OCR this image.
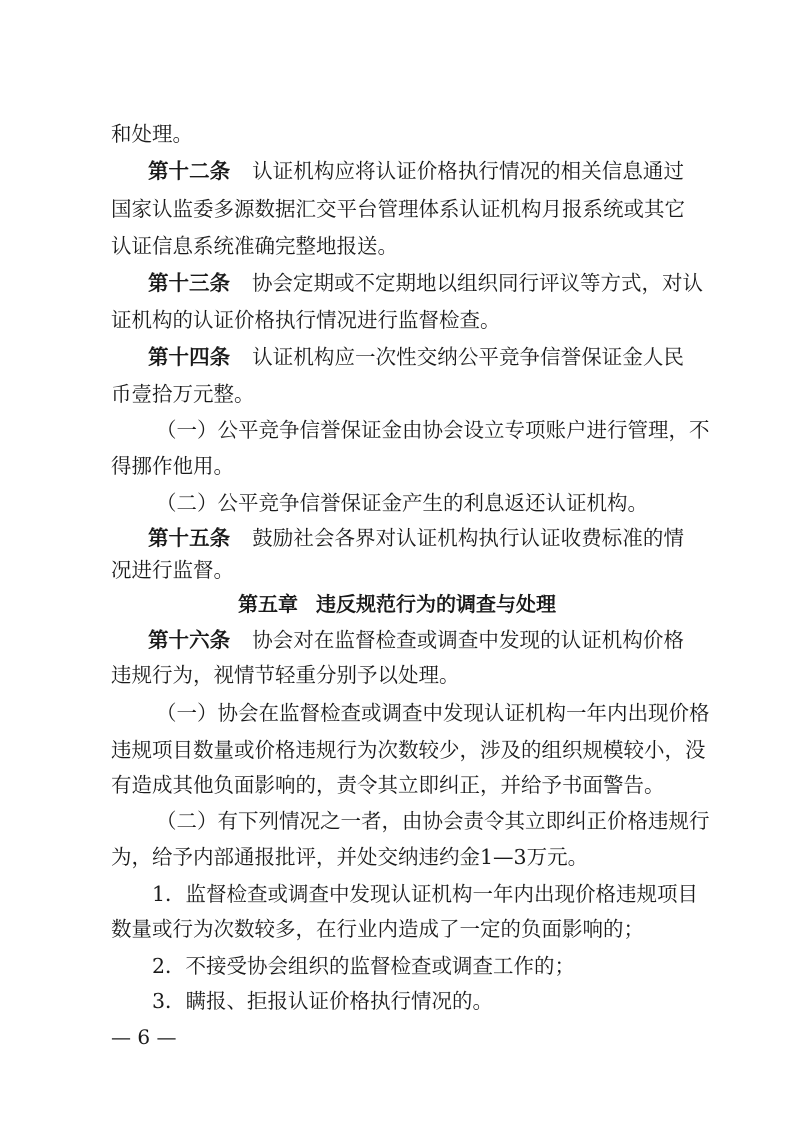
和处理。
第十二条 认证机构应将认证价格执行情况的相关信息通过
国家认监委多源数据汇交平台管理体系认证机构月报系统或其它
认证信息系统准确完整地报送。
第十三条 协会定期或不定期地以组织同行评议等方式，对认
证机构的认证价格执行情况进行监督检查。
第十四条 认证机构应一次性交纳公平竞争信誉保证金人民
币壹拾万元整。
（一）公平竞争信誉保证金由协会设立专项账户进行管理，不
得挪作他用。
（二）公平竞争信誉保证金产生的利息返还认证机构。
第十五条 鼓励社会各界对认证机构执行认证收费标准的情
况进行监督。
第五章 违反规范行为的调查与处理
第十六条 协会对在监督检查或调查中发现的认证机构价格
违规行为，视情节轻重分别予以处理。
（一）协会在监督检查或调查中发现认证机构一年内出现价格
违规项目数量或价格违规行为次数较少，涉及的组织规模较小，没
有造成其他负面影响的，责令其立即纠正，并给予书面警告。
（二）有下列情况之一者，由协会责令其立即纠正价格违规行
为，给予内部通报批评，并处交纳违约金1—3万元。
1．监督检查或调查中发现认证机构一年内出现价格违规项目
数量或行为次数较多，在行业内造成了一定的负面影响的；
2．不接受协会组织的监督检查或调查工作的；
3．瞒报、拒报认证价格执行情况的。
— 6 —
